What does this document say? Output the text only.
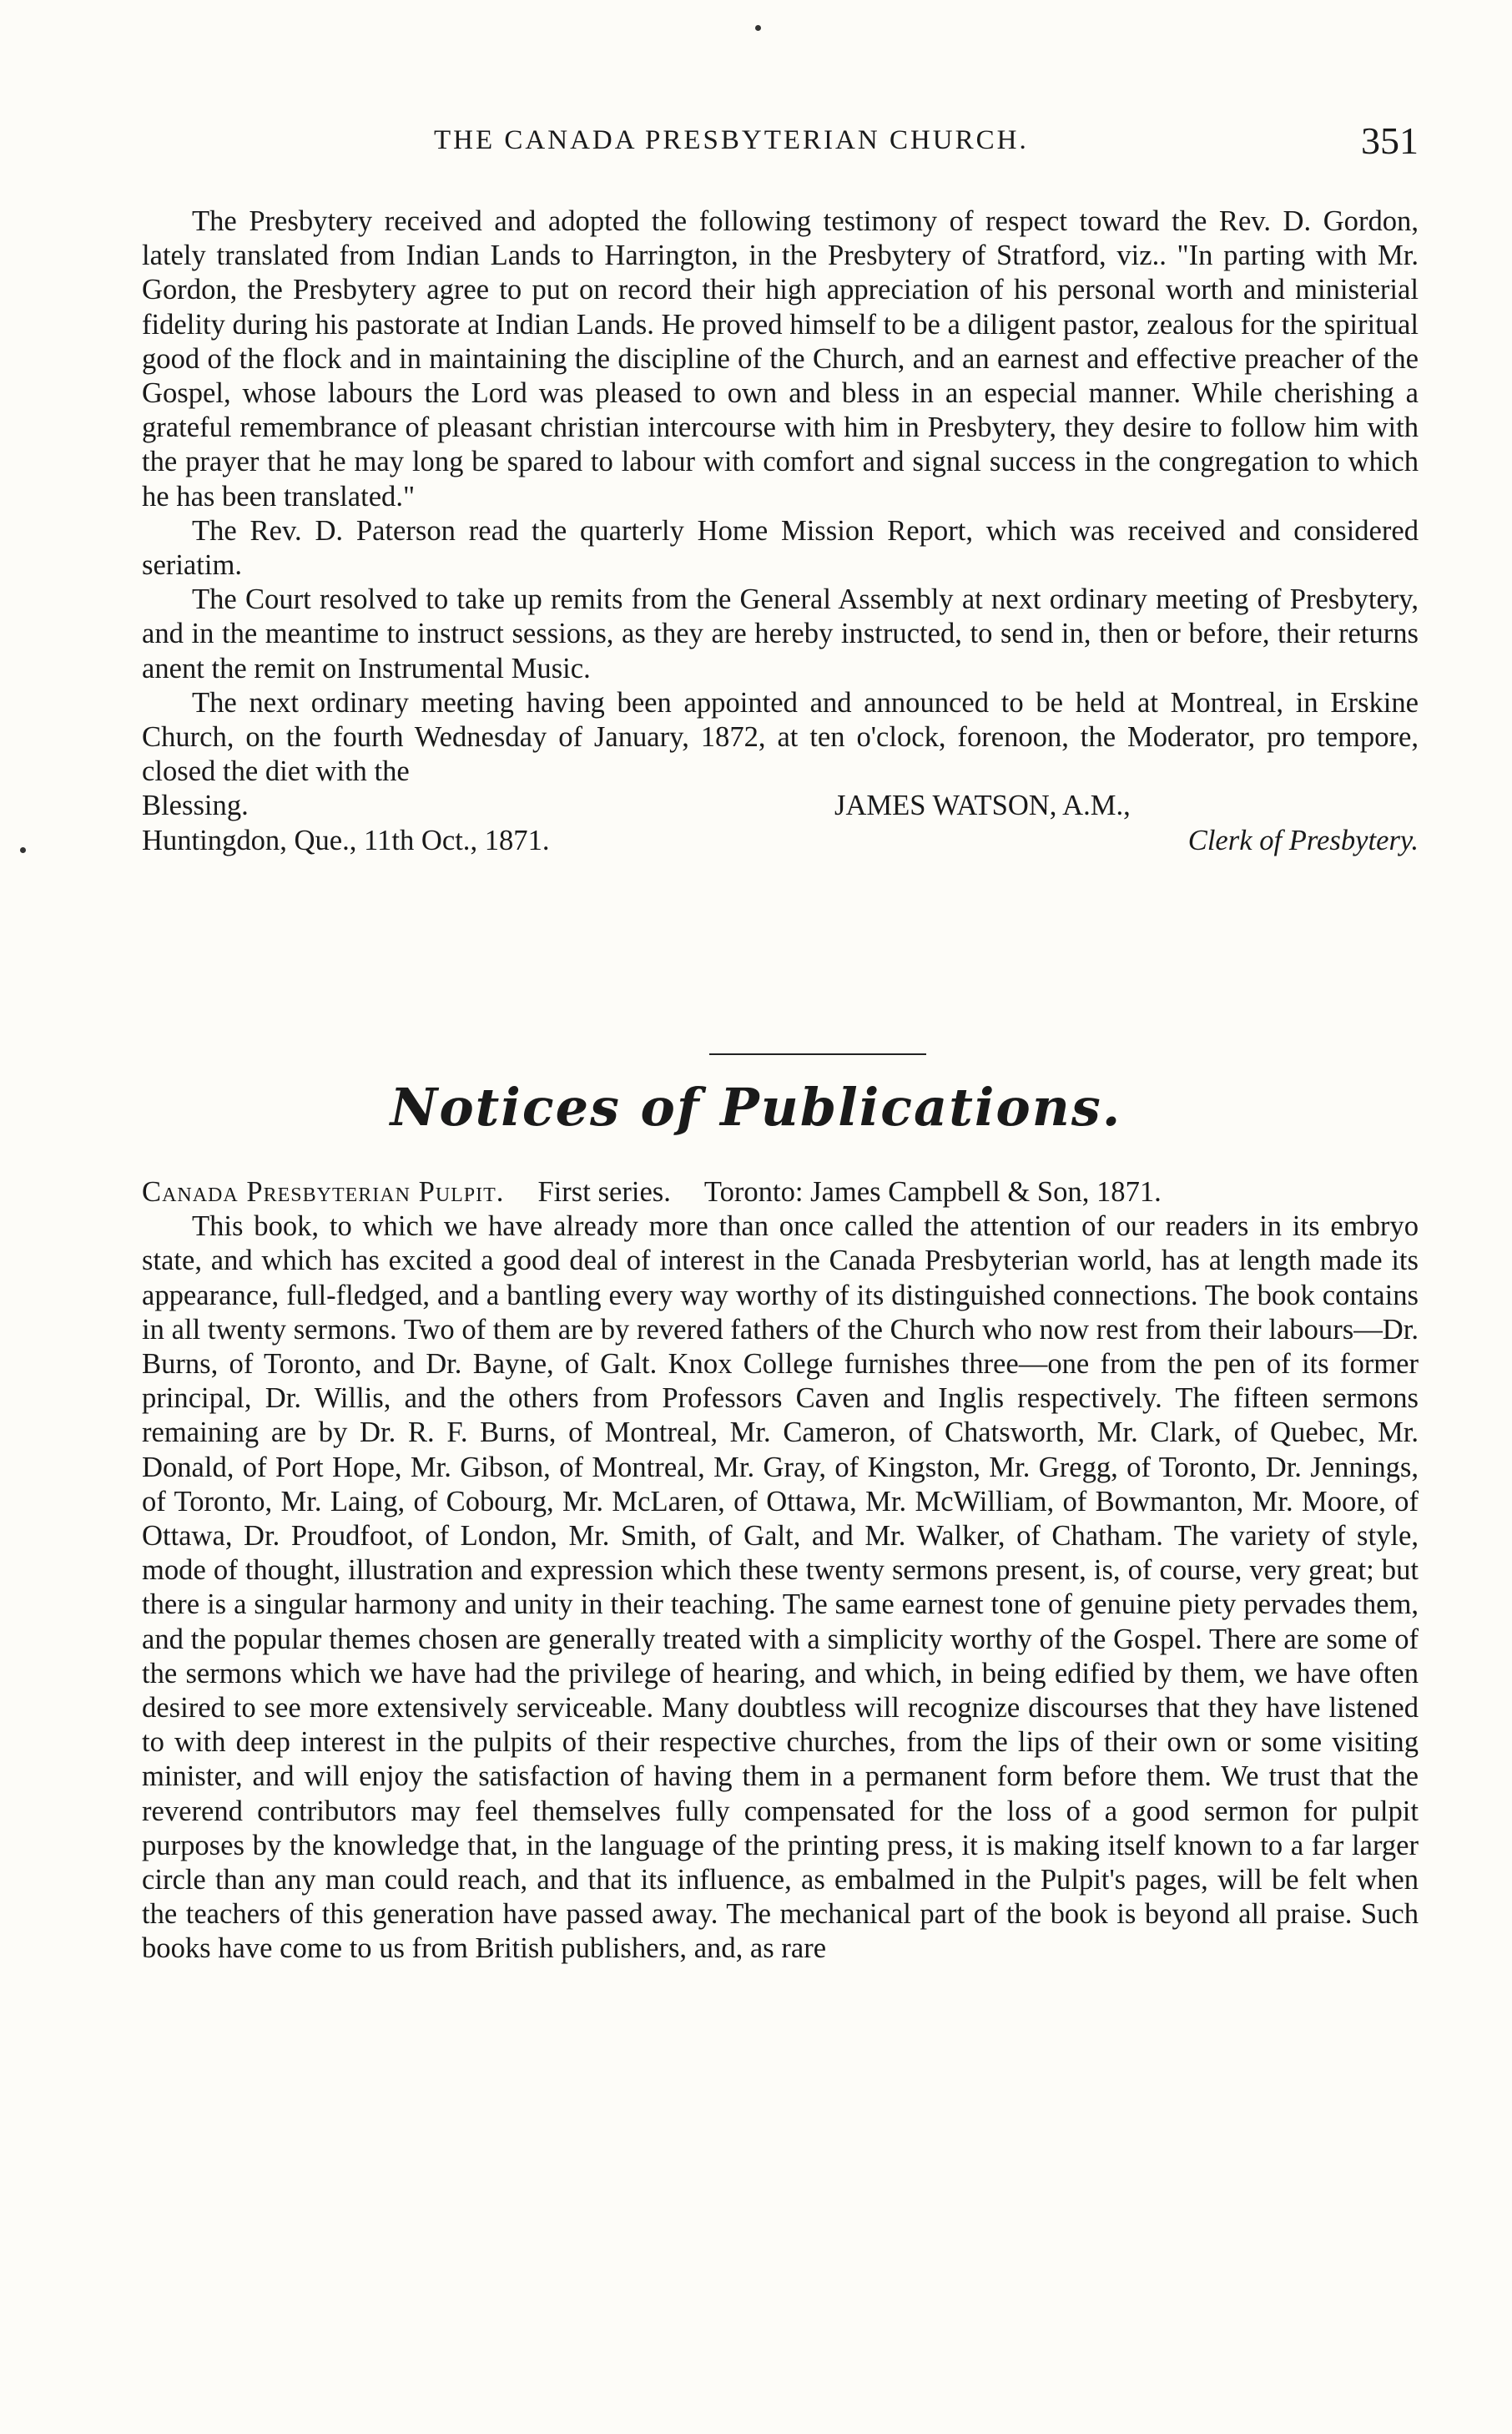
THE CANADA PRESBYTERIAN CHURCH.	351

The Presbytery received and adopted the following testimony of respect toward the Rev. D. Gordon, lately translated from Indian Lands to Harrington, in the Presbytery of Stratford, viz.. "In parting with Mr. Gordon, the Presbytery agree to put on record their high appreciation of his personal worth and ministerial fidelity during his pastorate at Indian Lands. He proved himself to be a diligent pastor, zealous for the spiritual good of the flock and in maintaining the discipline of the Church, and an earnest and effective preacher of the Gospel, whose labours the Lord was pleased to own and bless in an especial manner. While cherishing a grateful remembrance of pleasant christian intercourse with him in Presbytery, they desire to follow him with the prayer that he may long be spared to labour with comfort and signal success in the congregation to which he has been translated."

The Rev. D. Paterson read the quarterly Home Mission Report, which was received and considered seriatim.

The Court resolved to take up remits from the General Assembly at next ordinary meeting of Presbytery, and in the meantime to instruct sessions, as they are hereby instructed, to send in, then or before, their returns anent the remit on Instrumental Music.

The next ordinary meeting having been appointed and announced to be held at Montreal, in Erskine Church, on the fourth Wednesday of January, 1872, at ten o'clock, forenoon, the Moderator, pro tempore, closed the diet with the

Blessing.	JAMES WATSON, A.M.,
Huntingdon, Que., 11th Oct., 1871.	Clerk of Presbytery.
Notices of Publications.

Canada Presbyterian Pulpit. First series. Toronto: James Campbell & Son, 1871.

This book, to which we have already more than once called the attention of our readers in its embryo state, and which has excited a good deal of interest in the Canada Presbyterian world, has at length made its appearance, full-fledged, and a bantling every way worthy of its distinguished connections. The book contains in all twenty sermons. Two of them are by revered fathers of the Church who now rest from their labours—Dr. Burns, of Toronto, and Dr. Bayne, of Galt. Knox College furnishes three—one from the pen of its former principal, Dr. Willis, and the others from Professors Caven and Inglis respectively. The fifteen sermons remaining are by Dr. R. F. Burns, of Montreal, Mr. Cameron, of Chatsworth, Mr. Clark, of Quebec, Mr. Donald, of Port Hope, Mr. Gibson, of Montreal, Mr. Gray, of Kingston, Mr. Gregg, of Toronto, Dr. Jennings, of Toronto, Mr. Laing, of Cobourg, Mr. McLaren, of Ottawa, Mr. McWilliam, of Bowmanton, Mr. Moore, of Ottawa, Dr. Proudfoot, of London, Mr. Smith, of Galt, and Mr. Walker, of Chatham. The variety of style, mode of thought, illustration and expression which these twenty sermons present, is, of course, very great; but there is a singular harmony and unity in their teaching. The same earnest tone of genuine piety pervades them, and the popular themes chosen are generally treated with a simplicity worthy of the Gospel. There are some of the sermons which we have had the privilege of hearing, and which, in being edified by them, we have often desired to see more extensively serviceable. Many doubtless will recognize discourses that they have listened to with deep interest in the pulpits of their respective churches, from the lips of their own or some visiting minister, and will enjoy the satisfaction of having them in a permanent form before them. We trust that the reverend contributors may feel themselves fully compensated for the loss of a good sermon for pulpit purposes by the knowledge that, in the language of the printing press, it is making itself known to a far larger circle than any man could reach, and that its influence, as embalmed in the Pulpit's pages, will be felt when the teachers of this generation have passed away. The mechanical part of the book is beyond all praise. Such books have come to us from British publishers, and, as rare
